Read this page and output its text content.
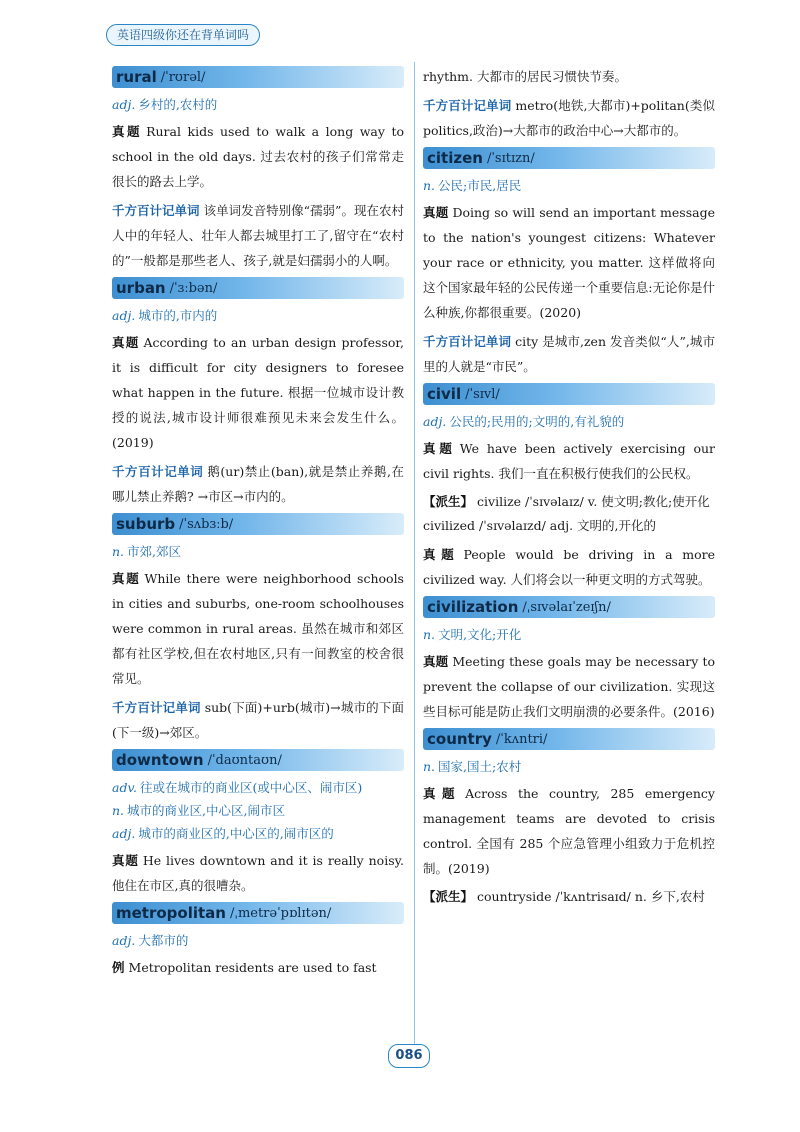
英语四级你还在背单词吗
rural /ˈrʊrəl/
adj. 乡村的,农村的

真题 Rural kids used to walk a long way to school in the old days. 过去农村的孩子们常常走很长的路去上学。

千方百计记单词 该单词发音特别像“孺弱”。现在农村人中的年轻人、壮年人都去城里打工了,留守在“农村的”一般都是那些老人、孩子,就是妇孺弱小的人啊。

urban /ˈɜːbən/
adj. 城市的,市内的

真题 According to an urban design professor, it is difficult for city designers to foresee what happen in the future. 根据一位城市设计教授的说法,城市设计师很难预见未来会发生什么。(2019)

千方百计记单词 鹅(ur)禁止(ban),就是禁止养鹅,在哪儿禁止养鹅? →市区→市内的。

suburb /ˈsʌbɜːb/
n. 市郊,郊区

真题 While there were neighborhood schools in cities and suburbs, one-room schoolhouses were common in rural areas. 虽然在城市和郊区都有社区学校,但在农村地区,只有一间教室的校舍很常见。

千方百计记单词 sub(下面)+urb(城市)→城市的下面(下一级)→郊区。

downtown /ˈdaʊntaʊn/
adv. 往或在城市的商业区(或中心区、闹市区)
n. 城市的商业区,中心区,闹市区
adj. 城市的商业区的,中心区的,闹市区的

真题 He lives downtown and it is really noisy. 他住在市区,真的很嘈杂。

metropolitan /ˌmetrəˈpɒlɪtən/
adj. 大都市的

例 Metropolitan residents are used to fast

rhythm. 大都市的居民习惯快节奏。

千方百计记单词 metro(地铁,大都市)+politan(类似 politics,政治)→大都市的政治中心→大都市的。

citizen /ˈsɪtɪzn/
n. 公民;市民,居民

真题 Doing so will send an important message to the nation's youngest citizens: Whatever your race or ethnicity, you matter. 这样做将向这个国家最年轻的公民传递一个重要信息:无论你是什么种族,你都很重要。(2020)

千方百计记单词 city 是城市,zen 发音类似“人”,城市里的人就是“市民”。

civil /ˈsɪvl/
adj. 公民的;民用的;文明的,有礼貌的

真题 We have been actively exercising our civil rights. 我们一直在积极行使我们的公民权。

【派生】 civilize /ˈsɪvəlaɪz/ v. 使文明;教化;使开化

civilized /ˈsɪvəlaɪzd/ adj. 文明的,开化的

真题 People would be driving in a more civilized way. 人们将会以一种更文明的方式驾驶。

civilization /ˌsɪvəlaɪˈzeɪʃn/
n. 文明,文化;开化

真题 Meeting these goals may be necessary to prevent the collapse of our civilization. 实现这些目标可能是防止我们文明崩溃的必要条件。(2016)

country /ˈkʌntri/
n. 国家,国土;农村

真题 Across the country, 285 emergency management teams are devoted to crisis control. 全国有 285 个应急管理小组致力于危机控制。(2019)

【派生】 countryside /ˈkʌntrisaɪd/ n. 乡下,农村

086
